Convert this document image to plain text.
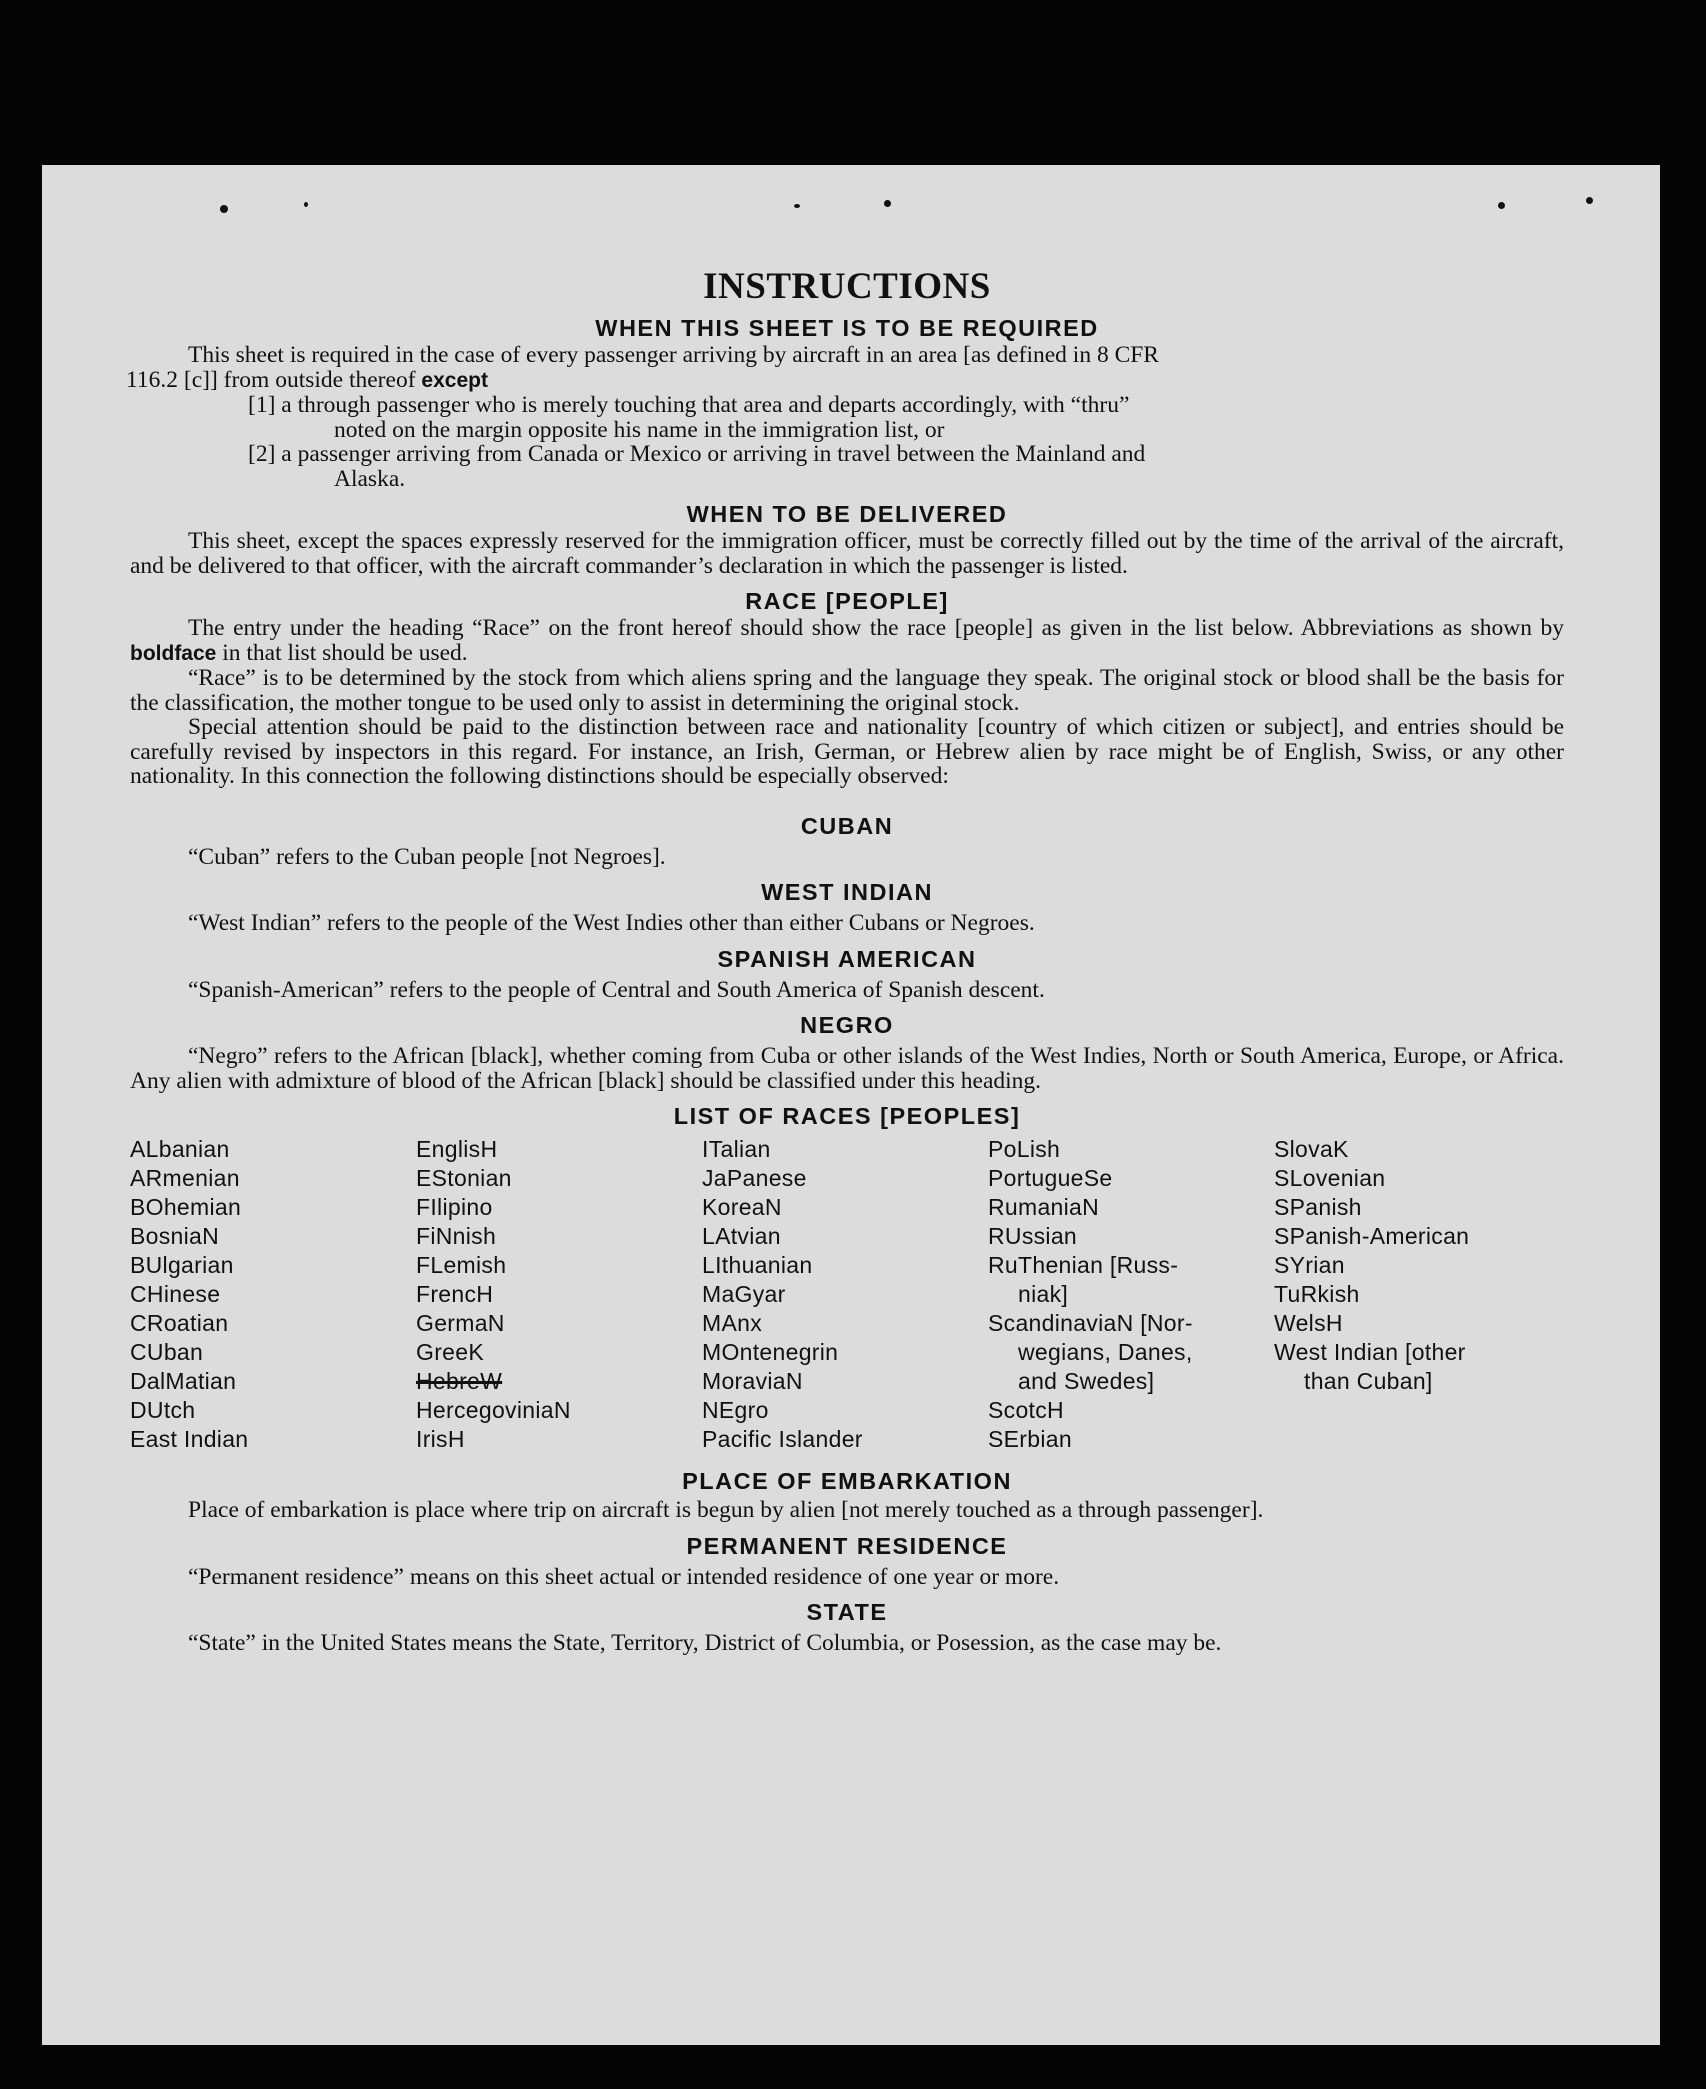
INSTRUCTIONS
WHEN THIS SHEET IS TO BE REQUIRED

This sheet is required in the case of every passenger arriving by aircraft in an area [as defined in 8 CFR

116.2 [c]] from outside thereof except

[1] a through passenger who is merely touching that area and departs accordingly, with “thru”

noted on the margin opposite his name in the immigration list, or

[2] a passenger arriving from Canada or Mexico or arriving in travel between the Mainland and

Alaska.

WHEN TO BE DELIVERED

This sheet, except the spaces expressly reserved for the immigration officer, must be correctly filled out by the time of the arrival of the aircraft, and be delivered to that officer, with the aircraft commander’s declaration in which the passenger is listed.

RACE [PEOPLE]

The entry under the heading “Race” on the front hereof should show the race [people] as given in the list below. Abbreviations as shown by boldface in that list should be used.

“Race” is to be determined by the stock from which aliens spring and the language they speak. The original stock or blood shall be the basis for the classification, the mother tongue to be used only to assist in determining the original stock.

Special attention should be paid to the distinction between race and nationality [country of which citizen or subject], and entries should be carefully revised by inspectors in this regard. For instance, an Irish, German, or Hebrew alien by race might be of English, Swiss, or any other nationality. In this connection the following distinctions should be especially observed:

CUBAN

“Cuban” refers to the Cuban people [not Negroes].

WEST INDIAN

“West Indian” refers to the people of the West Indies other than either Cubans or Negroes.

SPANISH AMERICAN

“Spanish-American” refers to the people of Central and South America of Spanish descent.

NEGRO

“Negro” refers to the African [black], whether coming from Cuba or other islands of the West Indies, North or South America, Europe, or Africa. Any alien with admixture of blood of the African [black] should be classified under this heading.

LIST OF RACES [PEOPLES]
ALbanian
ARmenian
BOhemian
BosniaN
BUlgarian
CHinese
CRoatian
CUban
DalMatian
DUtch
East Indian
EnglisH
EStonian
FIlipino
FiNnish
FLemish
FrencH
GermaN
GreeK
HebreW
HercegoviniaN
IrisH
ITalian
JaPanese
KoreaN
LAtvian
LIthuanian
MaGyar
MAnx
MOntenegrin
MoraviaN
NEgro
Pacific Islander
PoLish
PortugueSe
RumaniaN
RUssian
RuThenian [Russ-
niak]
ScandinaviaN [Nor-
wegians, Danes,
and Swedes]
ScotcH
SErbian
SlovaK
SLovenian
SPanish
SPanish-American
SYrian
TuRkish
WelsH
West Indian [other
than Cuban]
PLACE OF EMBARKATION

Place of embarkation is place where trip on aircraft is begun by alien [not merely touched as a through passenger].

PERMANENT RESIDENCE

“Permanent residence” means on this sheet actual or intended residence of one year or more.

STATE

“State” in the United States means the State, Territory, District of Columbia, or Posession, as the case may be.
